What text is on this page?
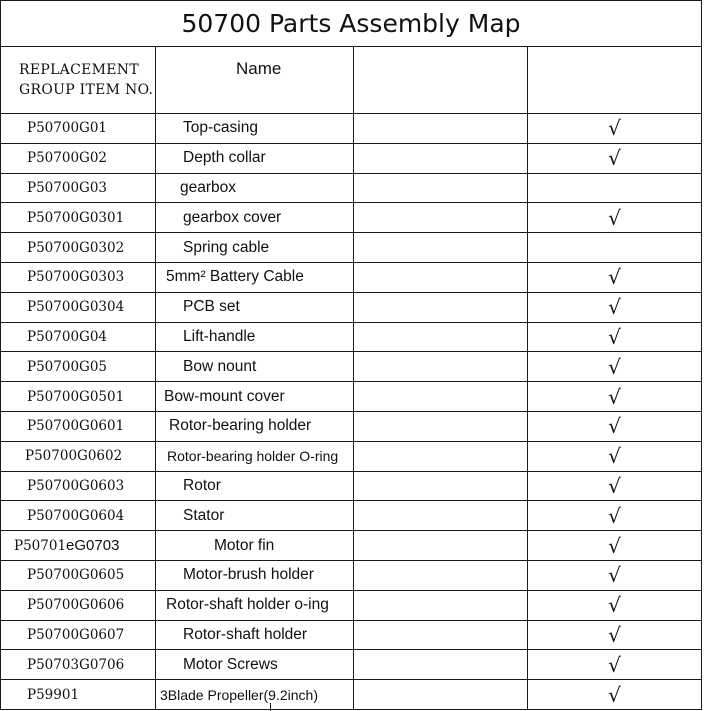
50700 Parts Assembly Map			

REPLACEMENT
GROUP ITEM NO.	Name		
P50700G01	Top-casing		√
P50700G02	Depth collar		√
P50700G03	gearbox		
P50700G0301	gearbox cover		√
P50700G0302	Spring cable		
P50700G0303	5mm² Battery Cable		√
P50700G0304	PCB set		√
P50700G04	Lift-handle		√
P50700G05	Bow nount		√
P50700G0501	Bow-mount cover		√
P50700G0601	Rotor-bearing holder		√
P50700G0602	Rotor-bearing holder O-ring		√
P50700G0603	Rotor		√
P50700G0604	Stator		√
P50701eG0703	Motor fin		√
P50700G0605	Motor-brush holder		√
P50700G0606	Rotor-shaft holder o-ing		√
P50700G0607	Rotor-shaft holder		√
P50703G0706	Motor Screws		√
P59901	3Blade Propeller(9.2inch)		√
